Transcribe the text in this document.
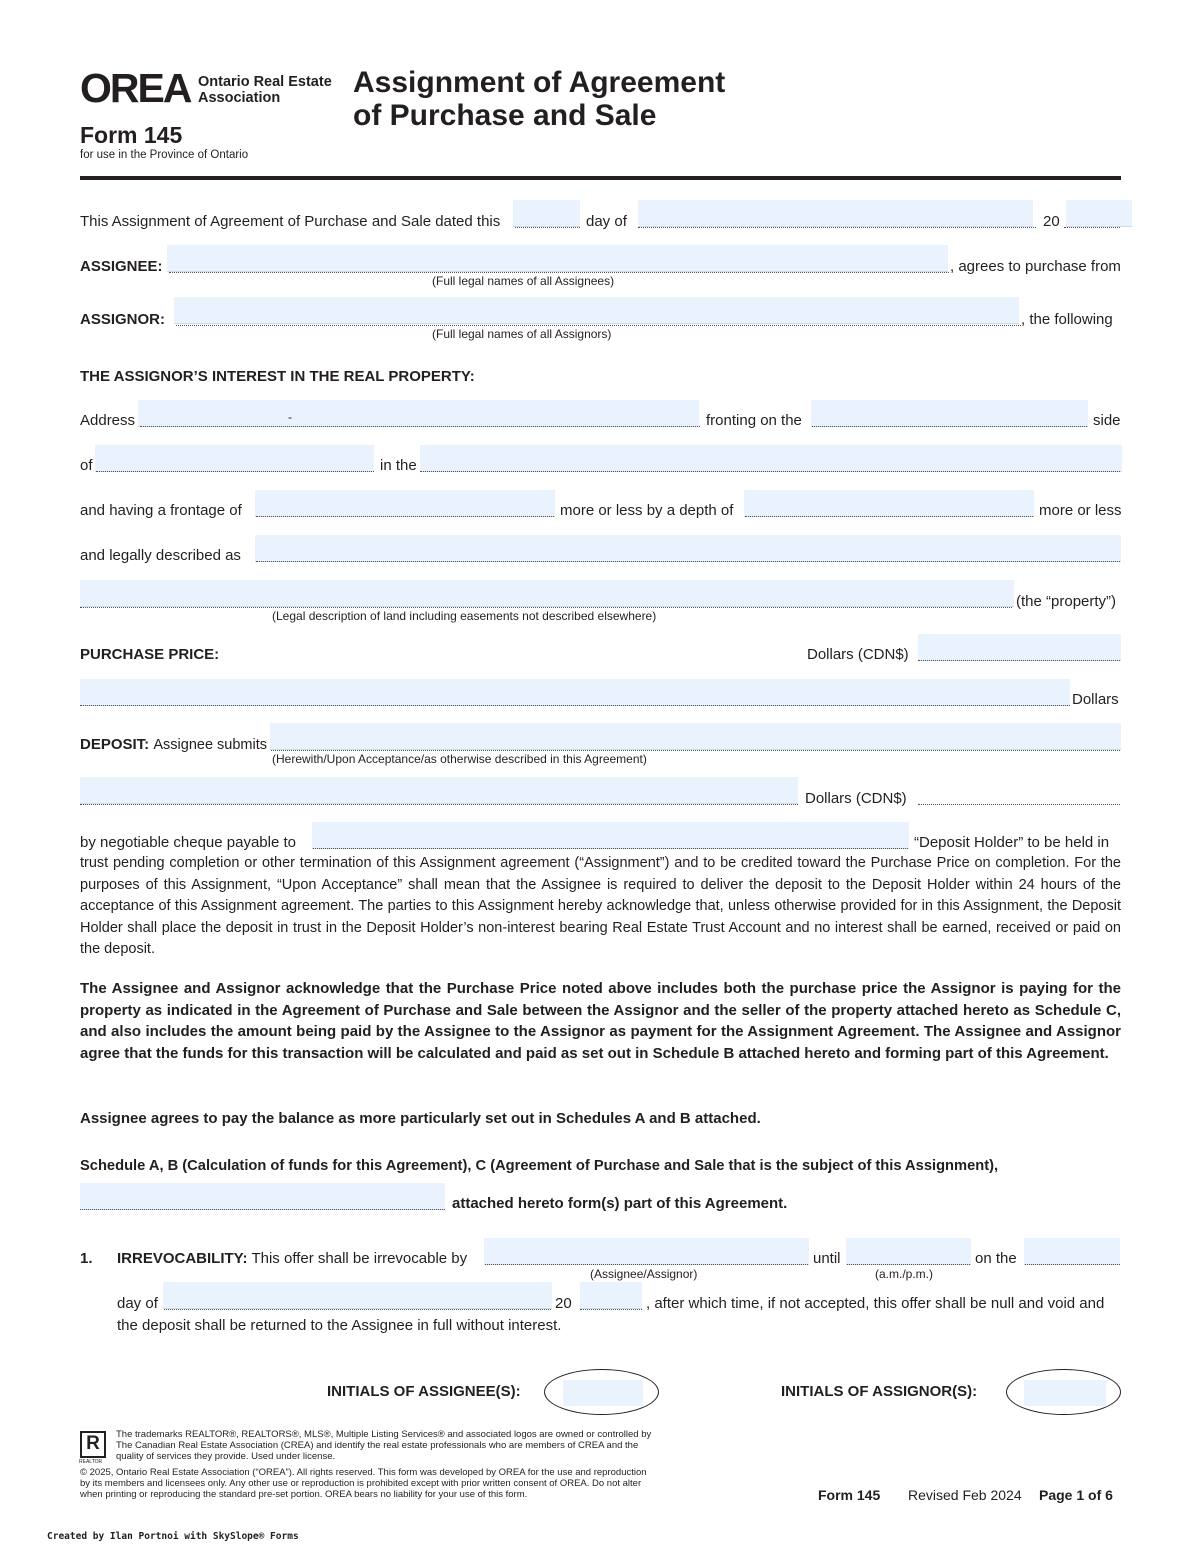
OREA Ontario Real Estate
Association
Form 145
for use in the Province of Ontario
Assignment of Agreement
of Purchase and Sale
This Assignment of Agreement of Purchase and Sale dated this	day of	20
ASSIGNEE:	, agrees to purchase from
(Full legal names of all Assignees)
ASSIGNOR:	, the following
(Full legal names of all Assignors)
THE ASSIGNOR’S INTEREST IN THE REAL PROPERTY:
Address	-	fronting on the	side
of	in the
and having a frontage of	more or less by a depth of	more or less
and legally described as
(the “property”)
(Legal description of land including easements not described elsewhere)
PURCHASE PRICE:	Dollars (CDN$)
Dollars
DEPOSIT: Assignee submits
(Herewith/Upon Acceptance/as otherwise described in this Agreement)
Dollars (CDN$)
by negotiable cheque payable to	“Deposit Holder” to be held in
trust pending completion or other termination of this Assignment agreement (“Assignment”) and to be credited toward the Purchase Price on completion. For the purposes of this Assignment, “Upon Acceptance” shall mean that the Assignee is required to deliver the deposit to the Deposit Holder within 24 hours of the acceptance of this Assignment agreement. The parties to this Assignment hereby acknowledge that, unless otherwise provided for in this Assignment, the Deposit Holder shall place the deposit in trust in the Deposit Holder’s non-interest bearing Real Estate Trust Account and no interest shall be earned, received or paid on the deposit.
The Assignee and Assignor acknowledge that the Purchase Price noted above includes both the purchase price the Assignor is paying for the property as indicated in the Agreement of Purchase and Sale between the Assignor and the seller of the property attached hereto as Schedule C, and also includes the amount being paid by the Assignee to the Assignor as payment for the Assignment Agreement. The Assignee and Assignor agree that the funds for this transaction will be calculated and paid as set out in Schedule B attached hereto and forming part of this Agreement.
Assignee agrees to pay the balance as more particularly set out in Schedules A and B attached.
Schedule A, B (Calculation of funds for this Agreement), C (Agreement of Purchase and Sale that is the subject of this Assignment),
attached hereto form(s) part of this Agreement.
1. IRREVOCABILITY: This offer shall be irrevocable by	until	on the
(Assignee/Assignor)	(a.m./p.m.)
day of	20	, after which time, if not accepted, this offer shall be null and void and
the deposit shall be returned to the Assignee in full without interest.
INITIALS OF ASSIGNEE(S):	INITIALS OF ASSIGNOR(S):
R
REALTOR
The trademarks REALTOR®, REALTORS®, MLS®, Multiple Listing Services® and associated logos are owned or controlled by
The Canadian Real Estate Association (CREA) and identify the real estate professionals who are members of CREA and the
quality of services they provide. Used under license.
© 2025, Ontario Real Estate Association (“OREA”). All rights reserved. This form was developed by OREA for the use and reproduction
by its members and licensees only. Any other use or reproduction is prohibited except with prior written consent of OREA. Do not alter
when printing or reproducing the standard pre-set portion. OREA bears no liability for your use of this form.	Form 145 Revised Feb 2024 Page 1 of 6
Created by Ilan Portnoi with SkySlope® Forms
